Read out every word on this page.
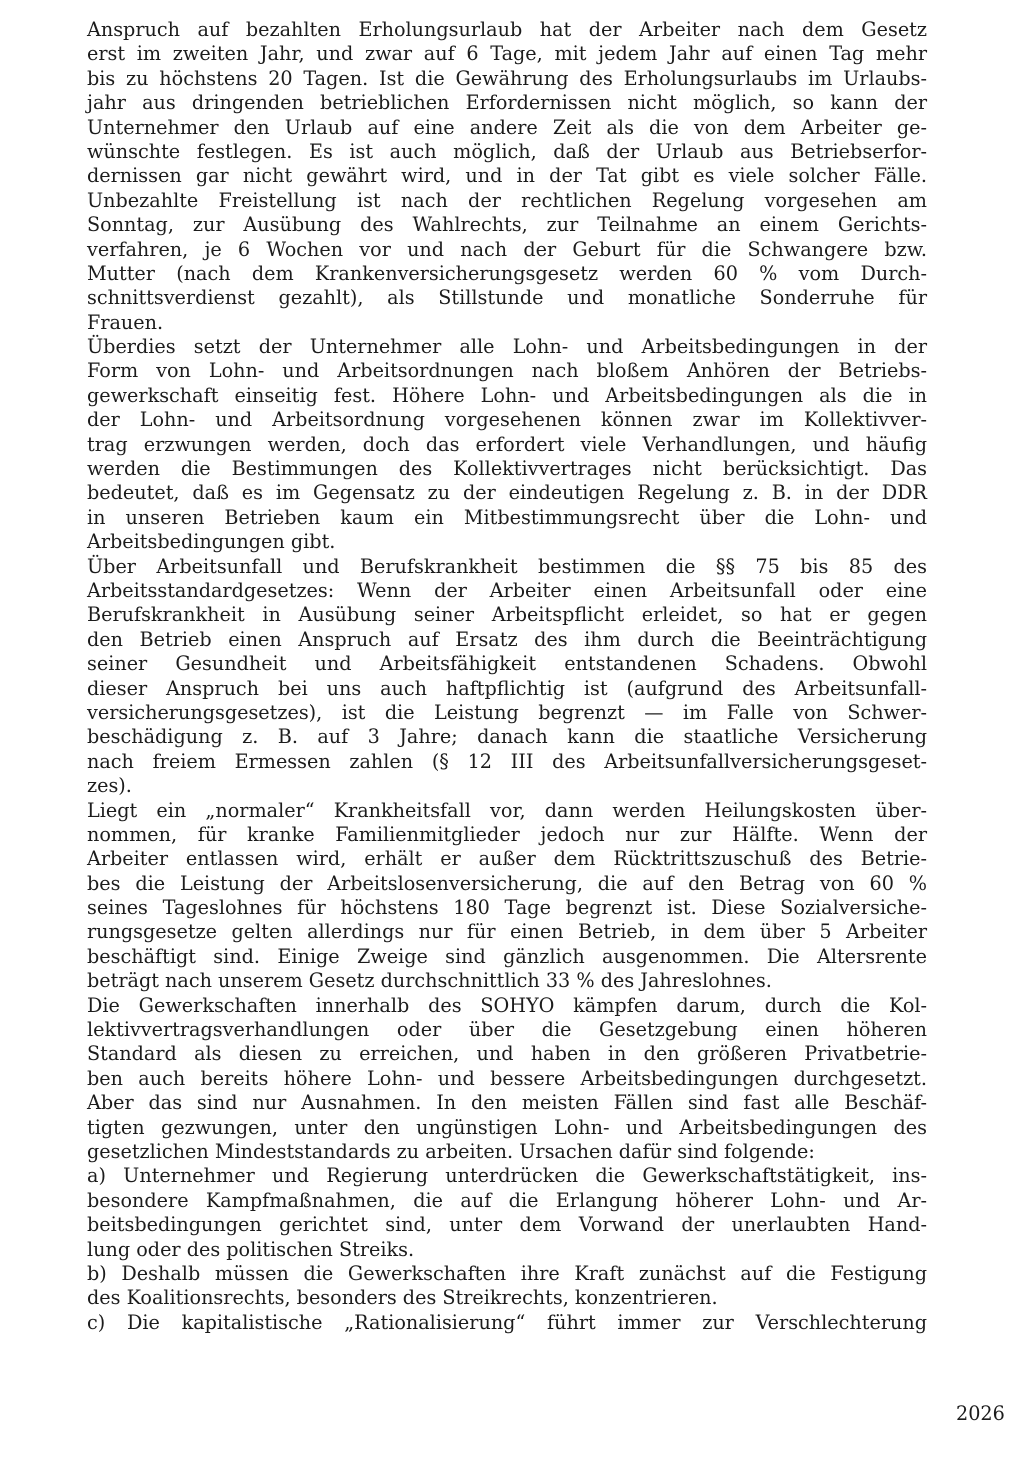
Anspruch auf bezahlten Erholungsurlaub hat der Arbeiter nach dem Gesetz
erst im zweiten Jahr, und zwar auf 6 Tage, mit jedem Jahr auf einen Tag mehr
bis zu höchstens 20 Tagen. Ist die Gewährung des Erholungsurlaubs im Urlaubs-
jahr aus dringenden betrieblichen Erfordernissen nicht möglich, so kann der
Unternehmer den Urlaub auf eine andere Zeit als die von dem Arbeiter ge-
wünschte festlegen. Es ist auch möglich, daß der Urlaub aus Betriebserfor-
dernissen gar nicht gewährt wird, und in der Tat gibt es viele solcher Fälle.
Unbezahlte Freistellung ist nach der rechtlichen Regelung vorgesehen am
Sonntag, zur Ausübung des Wahlrechts, zur Teilnahme an einem Gerichts-
verfahren, je 6 Wochen vor und nach der Geburt für die Schwangere bzw.
Mutter (nach dem Krankenversicherungsgesetz werden 60 % vom Durch-
schnittsverdienst gezahlt), als Stillstunde und monatliche Sonderruhe für
Frauen.
Überdies setzt der Unternehmer alle Lohn- und Arbeitsbedingungen in der
Form von Lohn- und Arbeitsordnungen nach bloßem Anhören der Betriebs-
gewerkschaft einseitig fest. Höhere Lohn- und Arbeitsbedingungen als die in
der Lohn- und Arbeitsordnung vorgesehenen können zwar im Kollektivver-
trag erzwungen werden, doch das erfordert viele Verhandlungen, und häufig
werden die Bestimmungen des Kollektivvertrages nicht berücksichtigt. Das
bedeutet, daß es im Gegensatz zu der eindeutigen Regelung z. B. in der DDR
in unseren Betrieben kaum ein Mitbestimmungsrecht über die Lohn- und
Arbeitsbedingungen gibt.
Über Arbeitsunfall und Berufskrankheit bestimmen die §§ 75 bis 85 des
Arbeitsstandardgesetzes: Wenn der Arbeiter einen Arbeitsunfall oder eine
Berufskrankheit in Ausübung seiner Arbeitspflicht erleidet, so hat er gegen
den Betrieb einen Anspruch auf Ersatz des ihm durch die Beeinträchtigung
seiner Gesundheit und Arbeitsfähigkeit entstandenen Schadens. Obwohl
dieser Anspruch bei uns auch haftpflichtig ist (aufgrund des Arbeitsunfall-
versicherungsgesetzes), ist die Leistung begrenzt — im Falle von Schwer-
beschädigung z. B. auf 3 Jahre; danach kann die staatliche Versicherung
nach freiem Ermessen zahlen (§ 12 III des Arbeitsunfallversicherungsgeset-
zes).
Liegt ein „normaler“ Krankheitsfall vor, dann werden Heilungskosten über-
nommen, für kranke Familienmitglieder jedoch nur zur Hälfte. Wenn der
Arbeiter entlassen wird, erhält er außer dem Rücktrittszuschuß des Betrie-
bes die Leistung der Arbeitslosenversicherung, die auf den Betrag von 60 %
seines Tageslohnes für höchstens 180 Tage begrenzt ist. Diese Sozialversiche-
rungsgesetze gelten allerdings nur für einen Betrieb, in dem über 5 Arbeiter
beschäftigt sind. Einige Zweige sind gänzlich ausgenommen. Die Altersrente
beträgt nach unserem Gesetz durchschnittlich 33 % des Jahreslohnes.
Die Gewerkschaften innerhalb des SOHYO kämpfen darum, durch die Kol-
lektivvertragsverhandlungen oder über die Gesetzgebung einen höheren
Standard als diesen zu erreichen, und haben in den größeren Privatbetrie-
ben auch bereits höhere Lohn- und bessere Arbeitsbedingungen durchgesetzt.
Aber das sind nur Ausnahmen. In den meisten Fällen sind fast alle Beschäf-
tigten gezwungen, unter den ungünstigen Lohn- und Arbeitsbedingungen des
gesetzlichen Mindeststandards zu arbeiten. Ursachen dafür sind folgende:
a) Unternehmer und Regierung unterdrücken die Gewerkschaftstätigkeit, ins-
besondere Kampfmaßnahmen, die auf die Erlangung höherer Lohn- und Ar-
beitsbedingungen gerichtet sind, unter dem Vorwand der unerlaubten Hand-
lung oder des politischen Streiks.
b) Deshalb müssen die Gewerkschaften ihre Kraft zunächst auf die Festigung
des Koalitionsrechts, besonders des Streikrechts, konzentrieren.
c) Die kapitalistische „Rationalisierung“ führt immer zur Verschlechterung
2026
